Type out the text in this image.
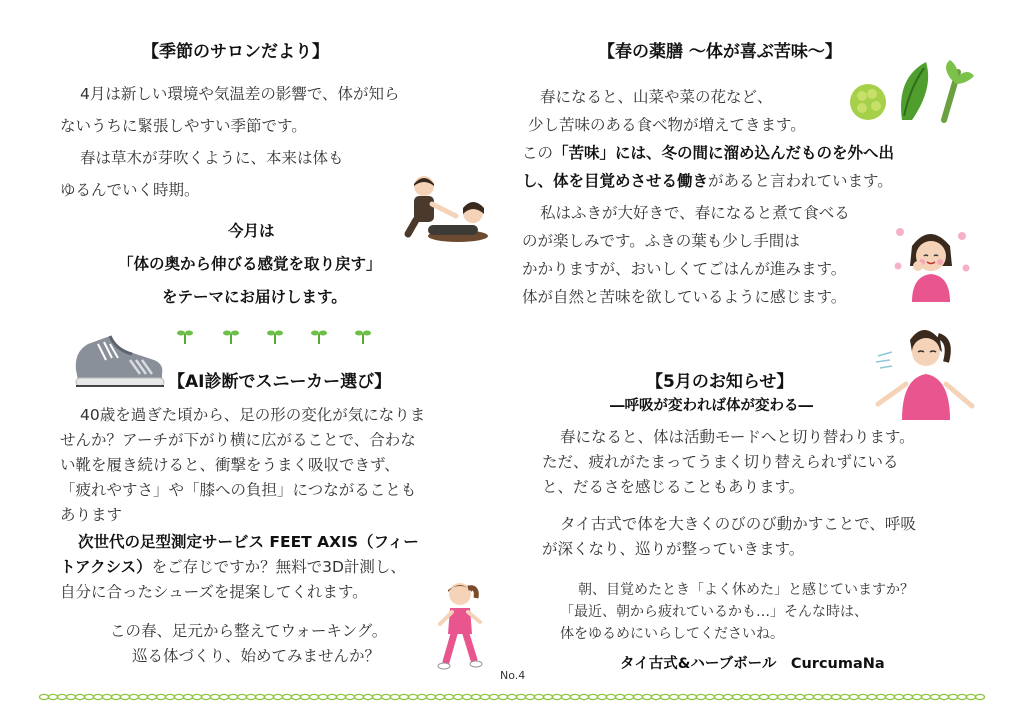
【季節のサロンだより】
4月は新しい環境や気温差の影響で、体が知ら
ないうちに緊張しやすい季節です。
春は草木が芽吹くように、本来は体も
ゆるんでいく時期。
今月は
「体の奥から伸びる感覚を取り戻す」
をテーマにお届けします。
【AI診断でスニーカー選び】
40歳を過ぎた頃から、足の形の変化が気になりま
せんか？アーチが下がり横に広がることで、合わな
い靴を履き続けると、衝撃をうまく吸収できず、
「疲れやすさ」や「膝への負担」につながることも
あります
次世代の足型測定サービス FEET AXIS（フィー
トアクシス）をご存じですか？無料で3D計測し、
自分に合ったシューズを提案してくれます。
この春、足元から整えてウォーキング。
巡る体づくり、始めてみませんか？
No.4
【春の薬膳 〜体が喜ぶ苦味〜】
春になると、山菜や菜の花など、
少し苦味のある食べ物が増えてきます。
この「苦味」には、冬の間に溜め込んだものを外へ出
し、体を目覚めさせる働きがあると言われています。
私はふきが大好きで、春になると煮て食べる
のが楽しみです。ふきの葉も少し手間は
かかりますが、おいしくてごはんが進みます。
体が自然と苦味を欲しているように感じます。
【5月のお知らせ】
―呼吸が変われば体が変わる―
春になると、体は活動モードへと切り替わります。
ただ、疲れがたまってうまく切り替えられずにいる
と、だるさを感じることもあります。
タイ古式で体を大きくのびのび動かすことで、呼吸
が深くなり、巡りが整っていきます。
朝、目覚めたとき「よく休めた」と感じていますか？
「最近、朝から疲れているかも…」そんな時は、
体をゆるめにいらしてくださいね。
タイ古式&ハーブボール　CurcumaNa
